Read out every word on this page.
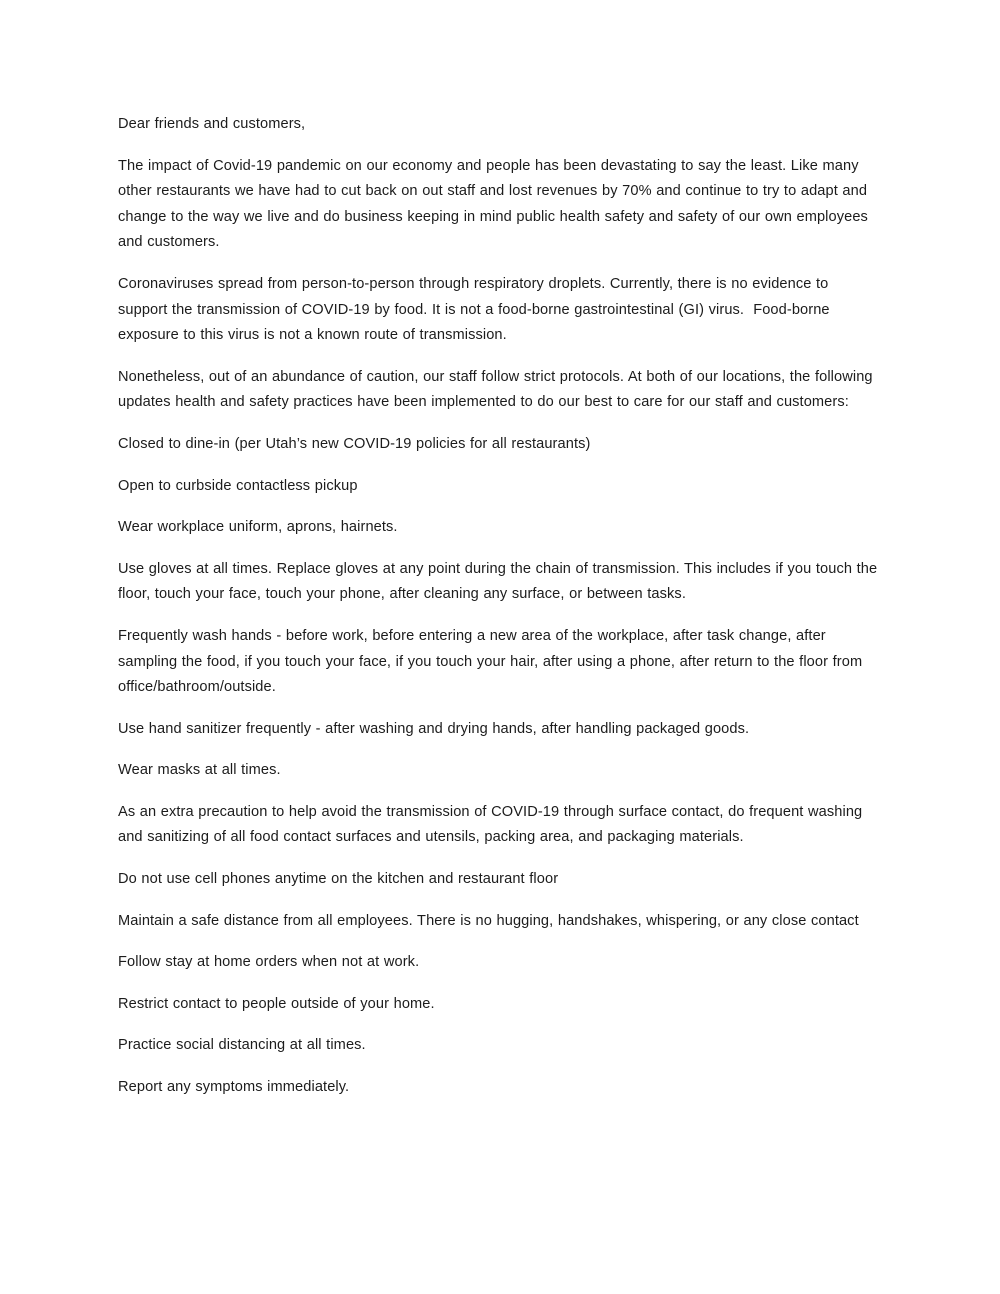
Dear friends and customers,

The impact of Covid-19 pandemic on our economy and people has been devastating to say the least. Like many other restaurants we have had to cut back on out staff and lost revenues by 70% and continue to try to adapt and change to the way we live and do business keeping in mind public health safety and safety of our own employees and customers.

Coronaviruses spread from person-to-person through respiratory droplets. Currently, there is no evidence to support the transmission of COVID-19 by food. It is not a food-borne gastrointestinal (GI) virus.  Food-borne exposure to this virus is not a known route of transmission.

Nonetheless, out of an abundance of caution, our staff follow strict protocols. At both of our locations, the following updates health and safety practices have been implemented to do our best to care for our staff and customers:

Closed to dine-in (per Utah’s new COVID-19 policies for all restaurants)

Open to curbside contactless pickup

Wear workplace uniform, aprons, hairnets.

Use gloves at all times. Replace gloves at any point during the chain of transmission. This includes if you touch the floor, touch your face, touch your phone, after cleaning any surface, or between tasks.

Frequently wash hands - before work, before entering a new area of the workplace, after task change, after sampling the food, if you touch your face, if you touch your hair, after using a phone, after return to the floor from office/bathroom/outside.

Use hand sanitizer frequently - after washing and drying hands, after handling packaged goods.

Wear masks at all times.

As an extra precaution to help avoid the transmission of COVID-19 through surface contact, do frequent washing and sanitizing of all food contact surfaces and utensils, packing area, and packaging materials.

Do not use cell phones anytime on the kitchen and restaurant floor

Maintain a safe distance from all employees. There is no hugging, handshakes, whispering, or any close contact

Follow stay at home orders when not at work.

Restrict contact to people outside of your home.

Practice social distancing at all times.

Report any symptoms immediately.
